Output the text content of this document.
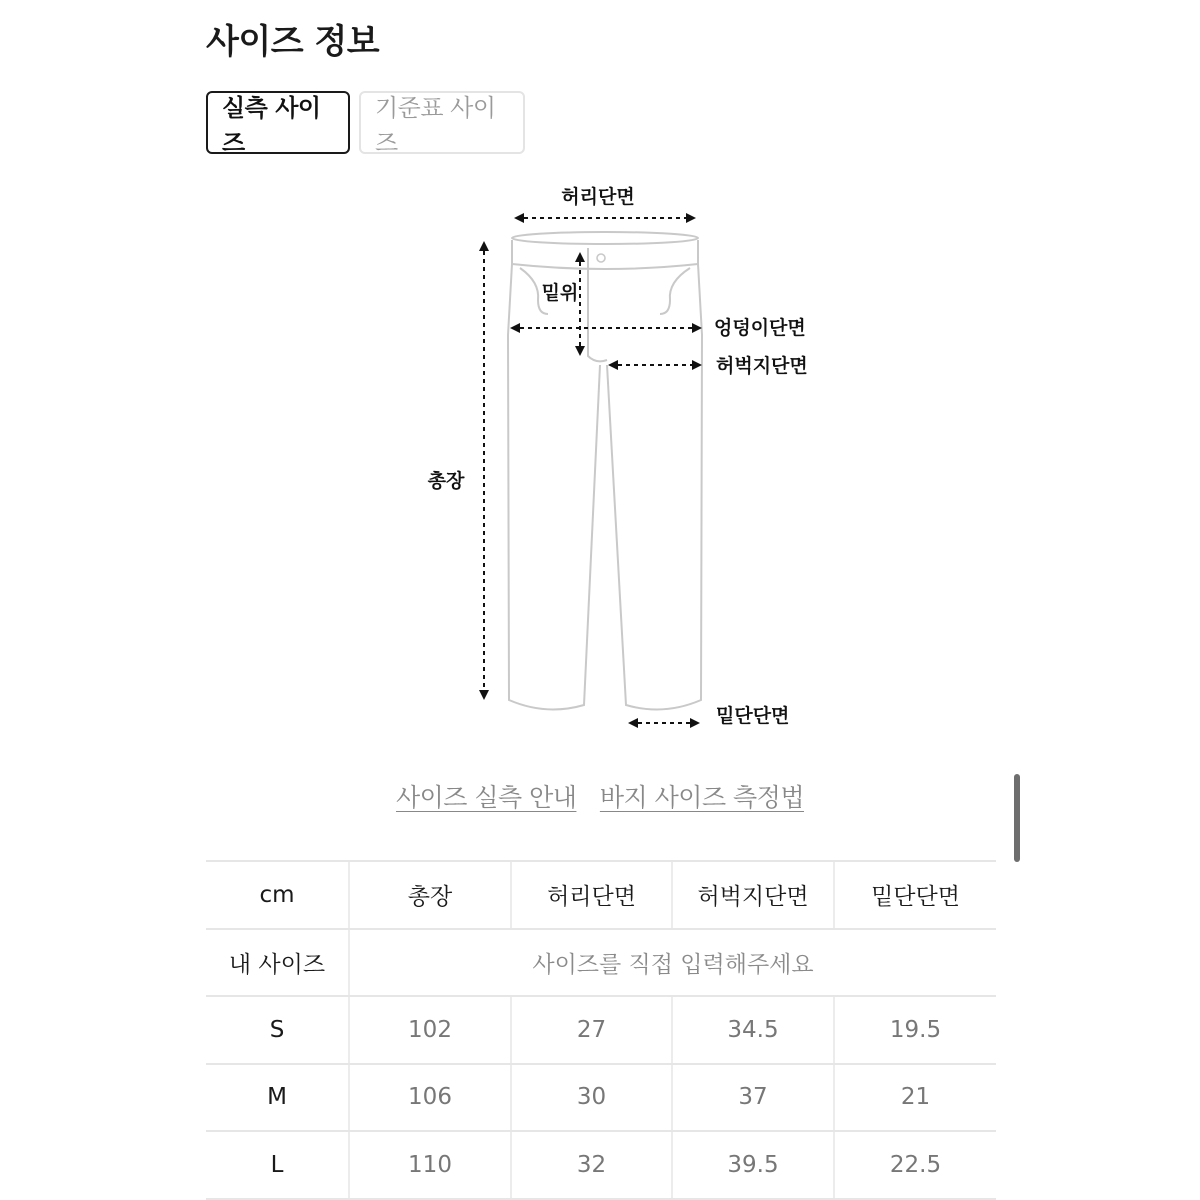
사이즈 정보
실측 사이즈
기준표 사이즈
허리단면
밑위
엉덩이단면
허벅지단면
총장
밑단단면
사이즈 실측 안내 바지 사이즈 측정법
cm	총장	허리단면	허벅지단면	밑단단면
내 사이즈	사이즈를 직접 입력해주세요			
S	102	27	34.5	19.5
M	106	30	37	21
L	110	32	39.5	22.5
